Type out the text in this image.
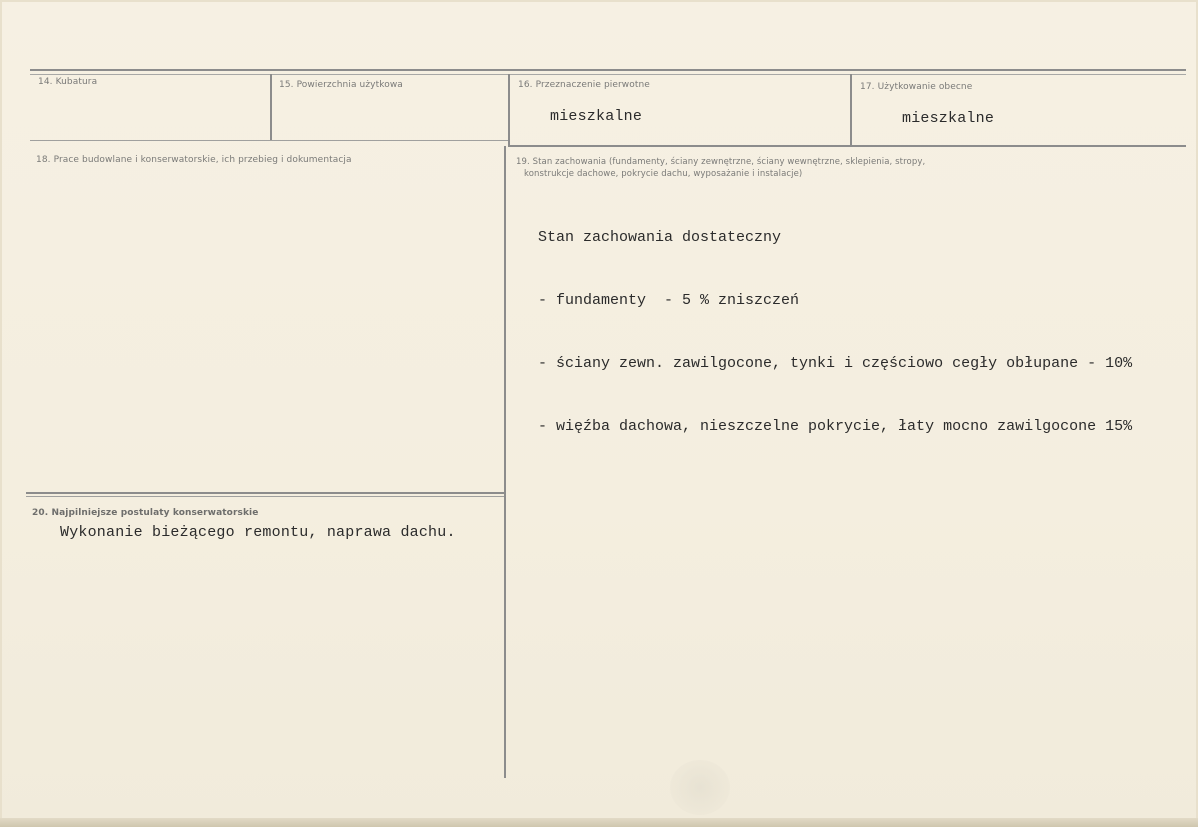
14. Kubatura	15. Powierzchnia użytkowa	16. Przeznaczenie pierwotne
mieszkalne
17. Użytkowanie obecne
mieszkalne
18. Prace budowlane i konserwatorskie, ich przebieg i dokumentacja	19. Stan zachowania (fundamenty, ściany zewnętrzne, ściany wewnętrzne, sklepienia, stropy,
konstrukcje dachowe, pokrycie dachu, wyposażanie i instalacje)

Stan zachowania dostateczny

- fundamenty  - 5 % zniszczeń

- ściany zewn. zawilgocone, tynki i częściowo cegły obłupane - 10%

- więźba dachowa, nieszczelne pokrycie, łaty mocno zawilgocone 15%

20. Najpilniejsze postulaty konserwatorskie
Wykonanie bieżącego remontu, naprawa dachu.
